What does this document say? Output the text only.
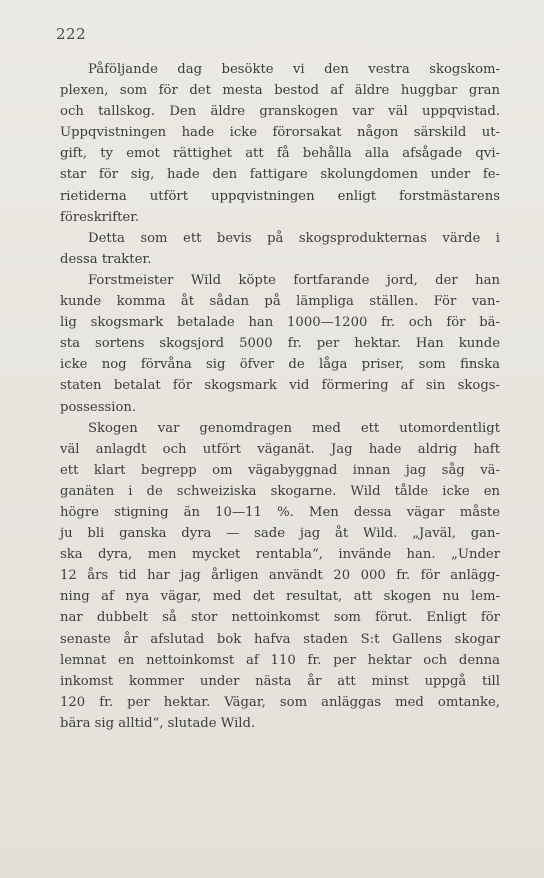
222
Påföljande dag besökte vi den vestra skogskom-
plexen, som för det mesta bestod af äldre huggbar gran
och tallskog. Den äldre granskogen var väl uppqvistad.
Uppqvistningen hade icke förorsakat någon särskild ut-
gift, ty emot rättighet att få behålla alla afsågade qvi-
star för sig, hade den fattigare skolungdomen under fe-
rietiderna utfört uppqvistningen enligt forstmästarens
föreskrifter.
Detta som ett bevis på skogsprodukternas värde i
dessa trakter.
Forstmeister Wild köpte fortfarande jord, der han
kunde komma åt sådan på lämpliga ställen. För van-
lig skogsmark betalade han 1000—1200 fr. och för bä-
sta sortens skogsjord 5000 fr. per hektar. Han kunde
icke nog förvåna sig öfver de låga priser, som finska
staten betalat för skogsmark vid förmering af sin skogs-
possession.
Skogen var genomdragen med ett utomordentligt
väl anlagdt och utfört väganät. Jag hade aldrig haft
ett klart begrepp om vägabyggnad innan jag såg vä-
ganäten i de schweiziska skogarne. Wild tålde icke en
högre stigning än 10—11 %. Men dessa vägar måste
ju bli ganska dyra — sade jag åt Wild. „Javäl, gan-
ska dyra, men mycket rentabla“, invände han. „Under
12 års tid har jag årligen användt 20 000 fr. för anlägg-
ning af nya vägar, med det resultat, att skogen nu lem-
nar dubbelt så stor nettoinkomst som förut. Enligt för
senaste år afslutad bok hafva staden S:t Gallens skogar
lemnat en nettoinkomst af 110 fr. per hektar och denna
inkomst kommer under nästa år att minst uppgå till
120 fr. per hektar. Vägar, som anläggas med omtanke,
bära sig alltid“, slutade Wild.
